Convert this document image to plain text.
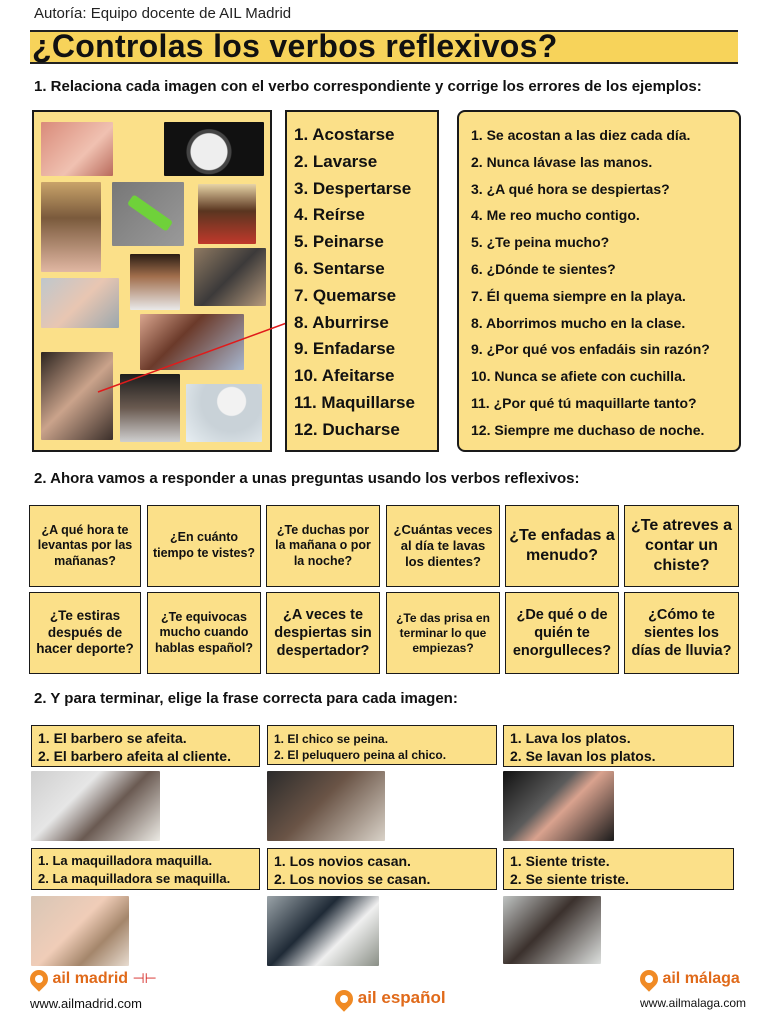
Autoría: Equipo docente de AIL Madrid
¿Controlas los verbos reflexivos?
1. Relaciona cada imagen con el verbo correspondiente y corrige los errores de los ejemplos:
1. Acostarse
2. Lavarse
3. Despertarse
4. Reírse
5. Peinarse
6. Sentarse
7. Quemarse
8. Aburrirse
9. Enfadarse
10. Afeitarse
11. Maquillarse
12. Ducharse
1. Se acostan a las diez cada día.
2. Nunca lávase las manos.
3. ¿A qué hora se despiertas?
4. Me reo mucho contigo.
5. ¿Te peina mucho?
6. ¿Dónde te sientes?
7. Él quema siempre en la playa.
8. Aborrimos mucho en la clase.
9. ¿Por qué vos enfadáis sin razón?
10. Nunca se afiete con cuchilla.
11. ¿Por qué tú maquillarte tanto?
12. Siempre me duchaso de noche.
2. Ahora vamos a responder a unas preguntas usando los verbos reflexivos:
¿A qué hora te levantas por las mañanas?
¿En cuánto tiempo te vistes?
¿Te duchas por la mañana o por la noche?
¿Cuántas veces al día te lavas los dientes?
¿Te enfadas a menudo?
¿Te atreves a contar un chiste?
¿Te estiras después de hacer deporte?
¿Te equivocas mucho cuando hablas español?
¿A veces te despiertas sin despertador?
¿Te das prisa en terminar lo que empiezas?
¿De qué o de quién te enorgulleces?
¿Cómo te sientes los días de lluvia?
2. Y para terminar, elige la frase correcta para cada imagen:
1. El barbero se afeita.
2. El barbero afeita al cliente.
1. El chico se peina.
2. El peluquero peina al chico.
1. Lava los platos.
2. Se lavan los platos.
1. La maquilladora maquilla.
2. La maquilladora se maquilla.
1. Los novios casan.
2. Los novios se casan.
1. Siente triste.
2. Se siente triste.
ail madrid ⊣⊢
www.ailmadrid.com	ail español
ail málaga
www.ailmalaga.com
